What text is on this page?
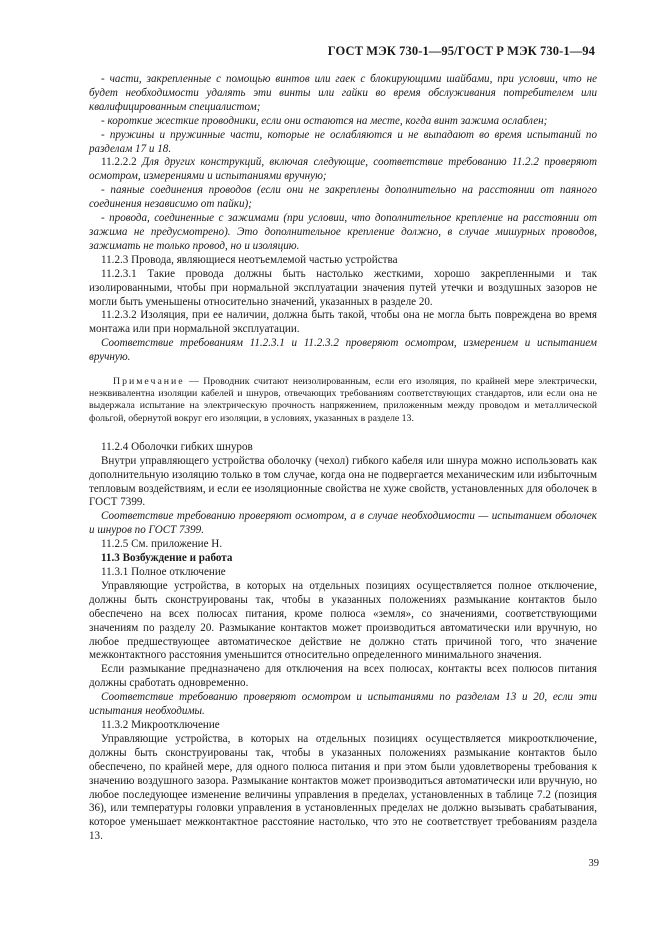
ГОСТ МЭК 730-1—95/ГОСТ Р МЭК 730-1—94

- части, закрепленные с помощью винтов или гаек с блокирующими шайбами, при условии, что не будет необходимости удалять эти винты или гайки во время обслуживания потребителем или квалифицированным специалистом;

- короткие жесткие проводники, если они остаются на месте, когда винт зажима ослаблен;

- пружины и пружинные части, которые не ослабляются и не выпадают во время испытаний по разделам 17 и 18.

11.2.2.2 Для других конструкций, включая следующие, соответствие требованию 11.2.2 проверяют осмотром, измерениями и испытаниями вручную;

- паяные соединения проводов (если они не закреплены дополнительно на расстоянии от паяного соединения независимо от пайки);

- провода, соединенные с зажимами (при условии, что дополнительное крепление на расстоянии от зажима не предусмотрено). Это дополнительное крепление должно, в случае мишурных проводов, зажимать не только провод, но и изоляцию.

11.2.3 Провода, являющиеся неотъемлемой частью устройства

11.2.3.1 Такие провода должны быть настолько жесткими, хорошо закрепленными и так изолированными, чтобы при нормальной эксплуатации значения путей утечки и воздушных зазоров не могли быть уменьшены относительно значений, указанных в разделе 20.

11.2.3.2 Изоляция, при ее наличии, должна быть такой, чтобы она не могла быть повреждена во время монтажа или при нормальной эксплуатации.

Соответствие требованиям 11.2.3.1 и 11.2.3.2 проверяют осмотром, измерением и испытанием вручную.

Примечание — Проводник считают неизолированным, если его изоляция, по крайней мере электрически, неэквивалентна изоляции кабелей и шнуров, отвечающих требованиям соответствующих стандартов, или если она не выдержала испытание на электрическую прочность напряжением, приложенным между проводом и металлической фольгой, обернутой вокруг его изоляции, в условиях, указанных в разделе 13.

11.2.4 Оболочки гибких шнуров

Внутри управляющего устройства оболочку (чехол) гибкого кабеля или шнура можно использовать как дополнительную изоляцию только в том случае, когда она не подвергается механическим или избыточным тепловым воздействиям, и если ее изоляционные свойства не хуже свойств, установленных для оболочек в ГОСТ 7399.

Соответствие требованию проверяют осмотром, а в случае необходимости — испытанием оболочек и шнуров по ГОСТ 7399.

11.2.5 См. приложение Н.

11.3 Возбуждение и работа

11.3.1 Полное отключение

Управляющие устройства, в которых на отдельных позициях осуществляется полное отключение, должны быть сконструированы так, чтобы в указанных положениях размыкание контактов было обеспечено на всех полюсах питания, кроме полюса «земля», со значениями, соответствующими значениям по разделу 20. Размыкание контактов может производиться автоматически или вручную, но любое предшествующее автоматическое действие не должно стать причиной того, что значение межконтактного расстояния уменьшится относительно определенного минимального значения.

Если размыкание предназначено для отключения на всех полюсах, контакты всех полюсов питания должны сработать одновременно.

Соответствие требованию проверяют осмотром и испытаниями по разделам 13 и 20, если эти испытания необходимы.

11.3.2 Микроотключение

Управляющие устройства, в которых на отдельных позициях осуществляется микроотключение, должны быть сконструированы так, чтобы в указанных положениях размыкание контактов было обеспечено, по крайней мере, для одного полюса питания и при этом были удовлетворены требования к значению воздушного зазора. Размыкание контактов может производиться автоматически или вручную, но любое последующее изменение величины управления в пределах, установленных в таблице 7.2 (позиция 36), или температуры головки управления в установленных пределах не должно вызывать срабатывания, которое уменьшает межконтактное расстояние настолько, что это не соответствует требованиям раздела 13.

39
